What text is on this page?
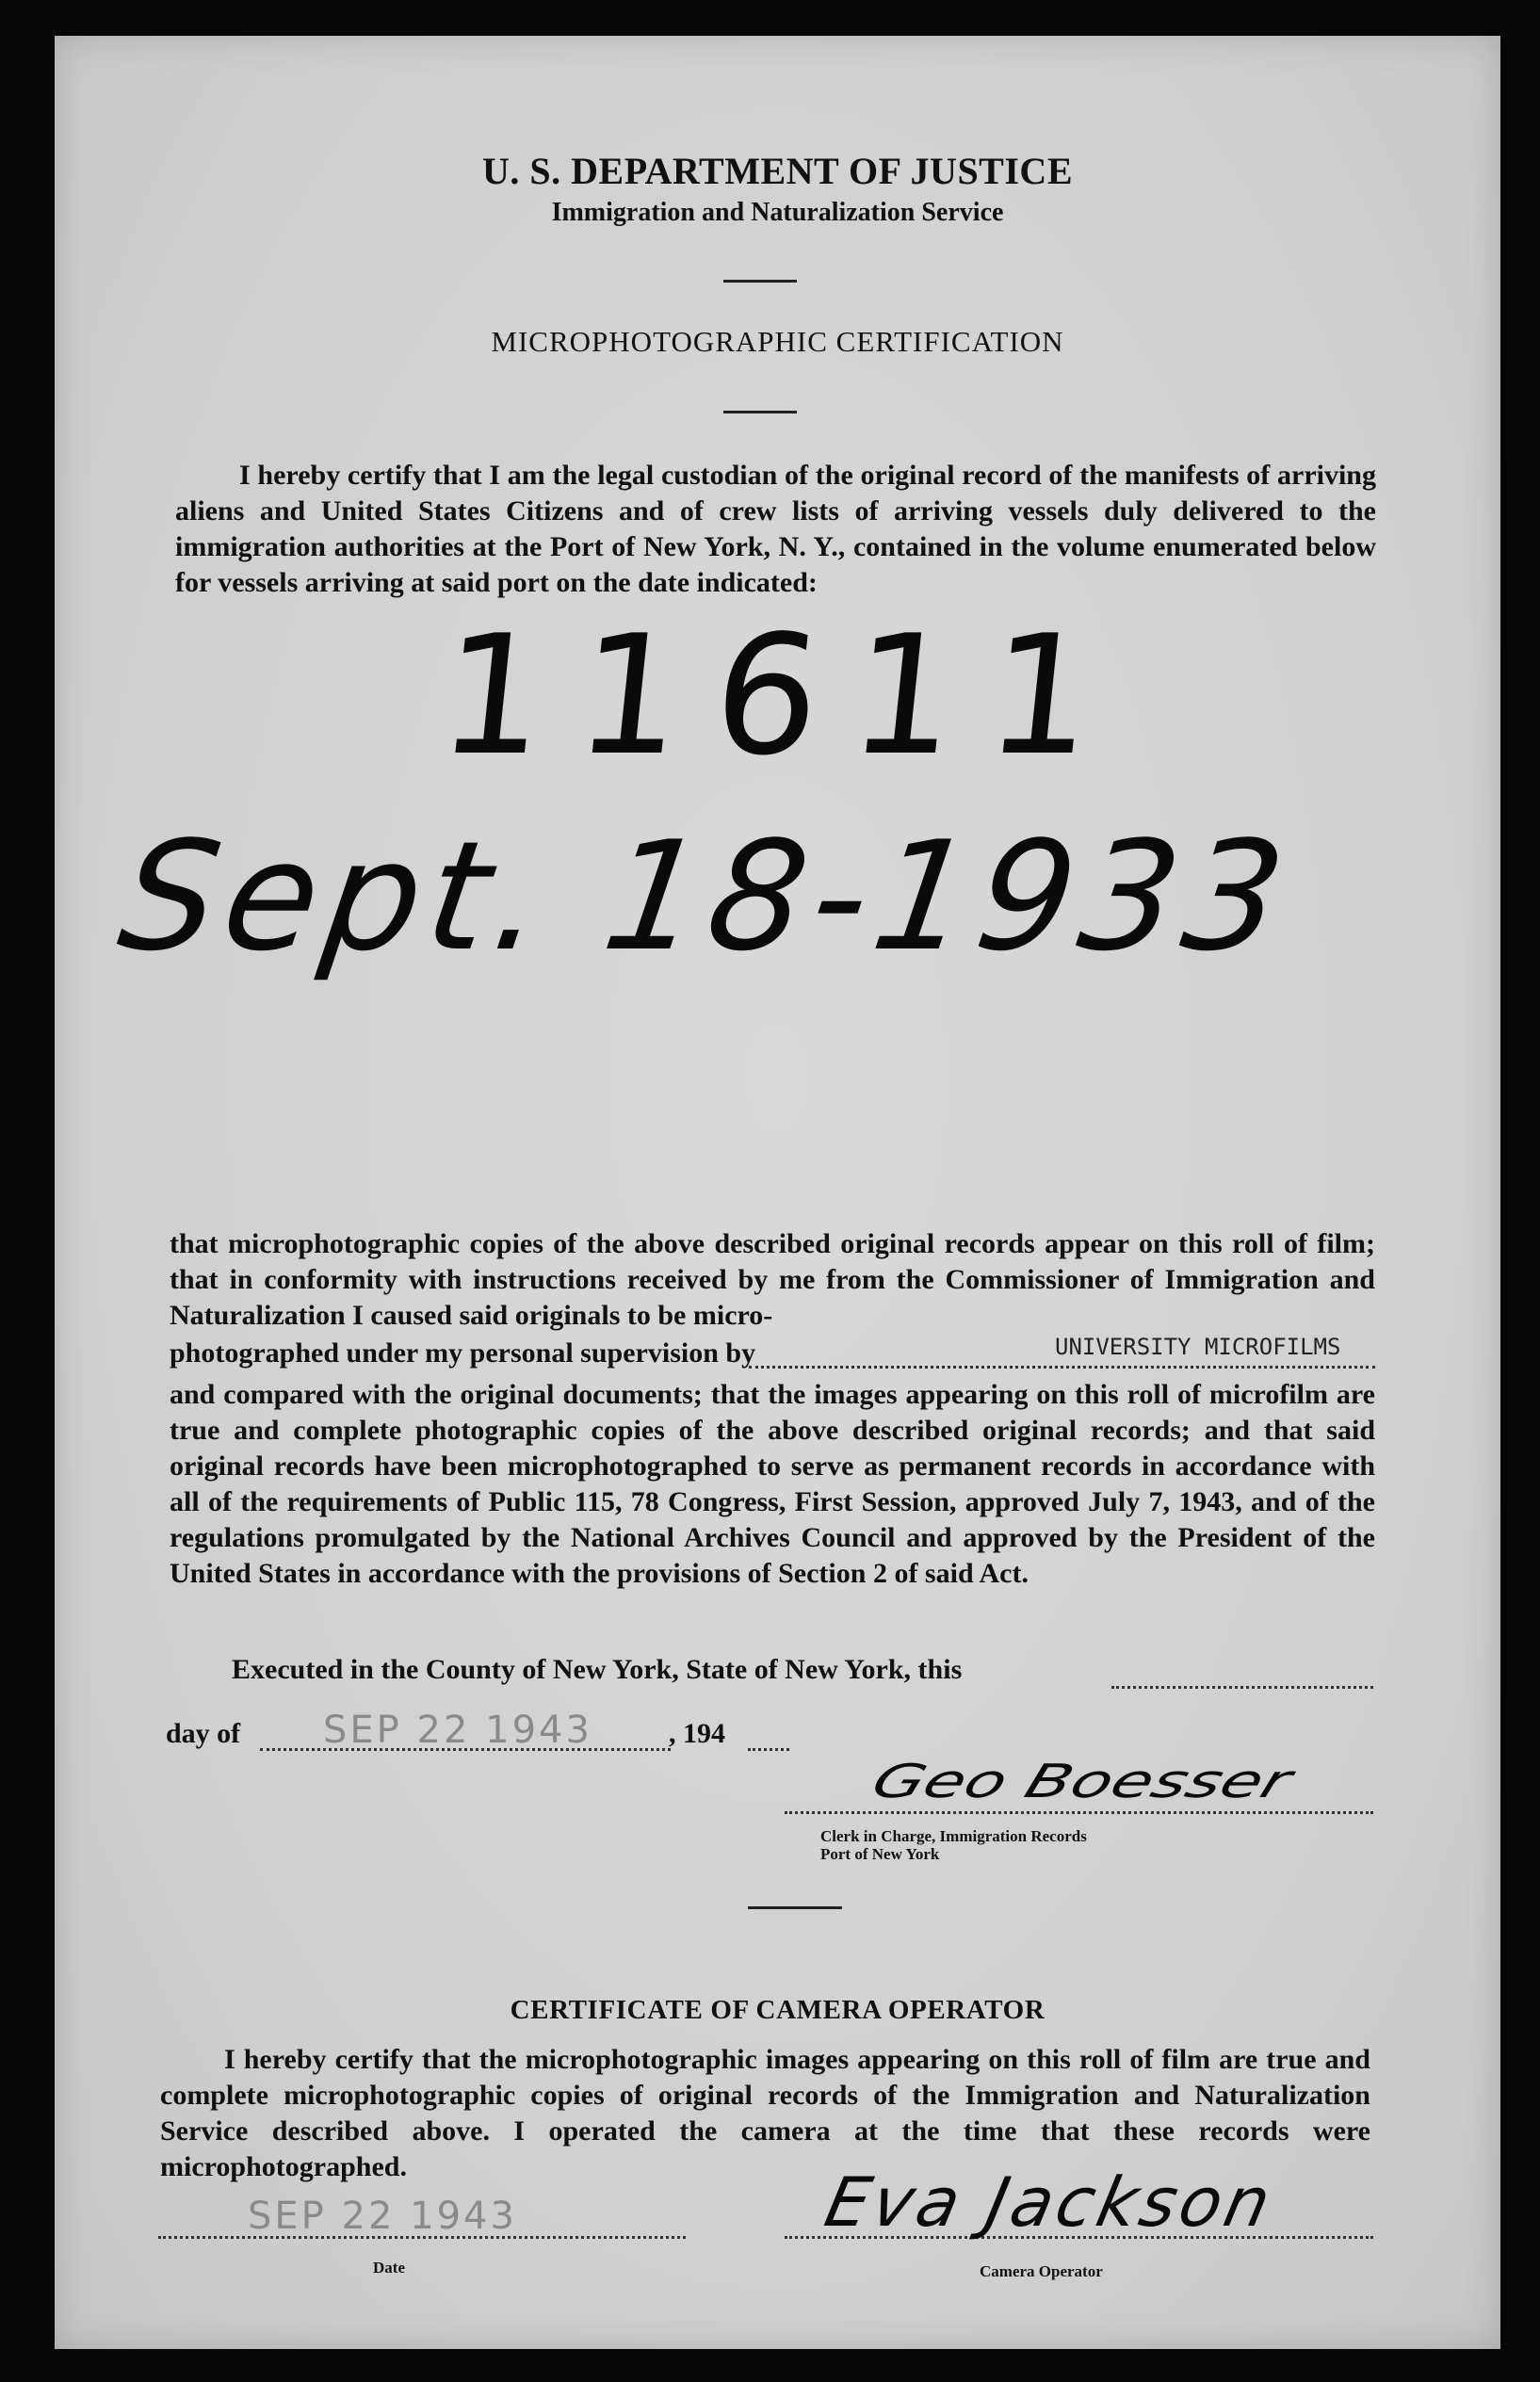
U. S. DEPARTMENT OF JUSTICE
Immigration and Naturalization Service
MICROPHOTOGRAPHIC CERTIFICATION

I hereby certify that I am the legal custodian of the original record of the manifests of arriving aliens and United States Citizens and of crew lists of arriving vessels duly delivered to the immigration authorities at the Port of New York, N. Y., contained in the volume enumerated below for vessels arriving at said port on the date indicated:

11611
Sept. 18-1933

that microphotographic copies of the above described original records appear on this roll of film; that in conformity with instructions received by me from the Commissioner of Immigration and Naturalization I caused said originals to be micro-

photographed under my personal supervision by	UNIVERSITY MICROFILMS

and compared with the original documents; that the images appearing on this roll of microfilm are true and complete photographic copies of the above described original records; and that said original records have been microphotographed to serve as permanent records in accordance with all of the requirements of Public 115, 78 Congress, First Session, approved July 7, 1943, and of the regulations promulgated by the National Archives Council and approved by the President of the United States in accordance with the provisions of Section 2 of said Act.

Executed in the County of New York, State of New York, this
day of SEP 22 1943	, 194
Geo Boesser
Clerk in Charge, Immigration Records
Port of New York
CERTIFICATE OF CAMERA OPERATOR

I hereby certify that the microphotographic images appearing on this roll of film are true and complete microphotographic copies of original records of the Immigration and Naturalization Service described above. I operated the camera at the time that these records were microphotographed.

SEP 22 1943
Date
Eva Jackson
Camera Operator
